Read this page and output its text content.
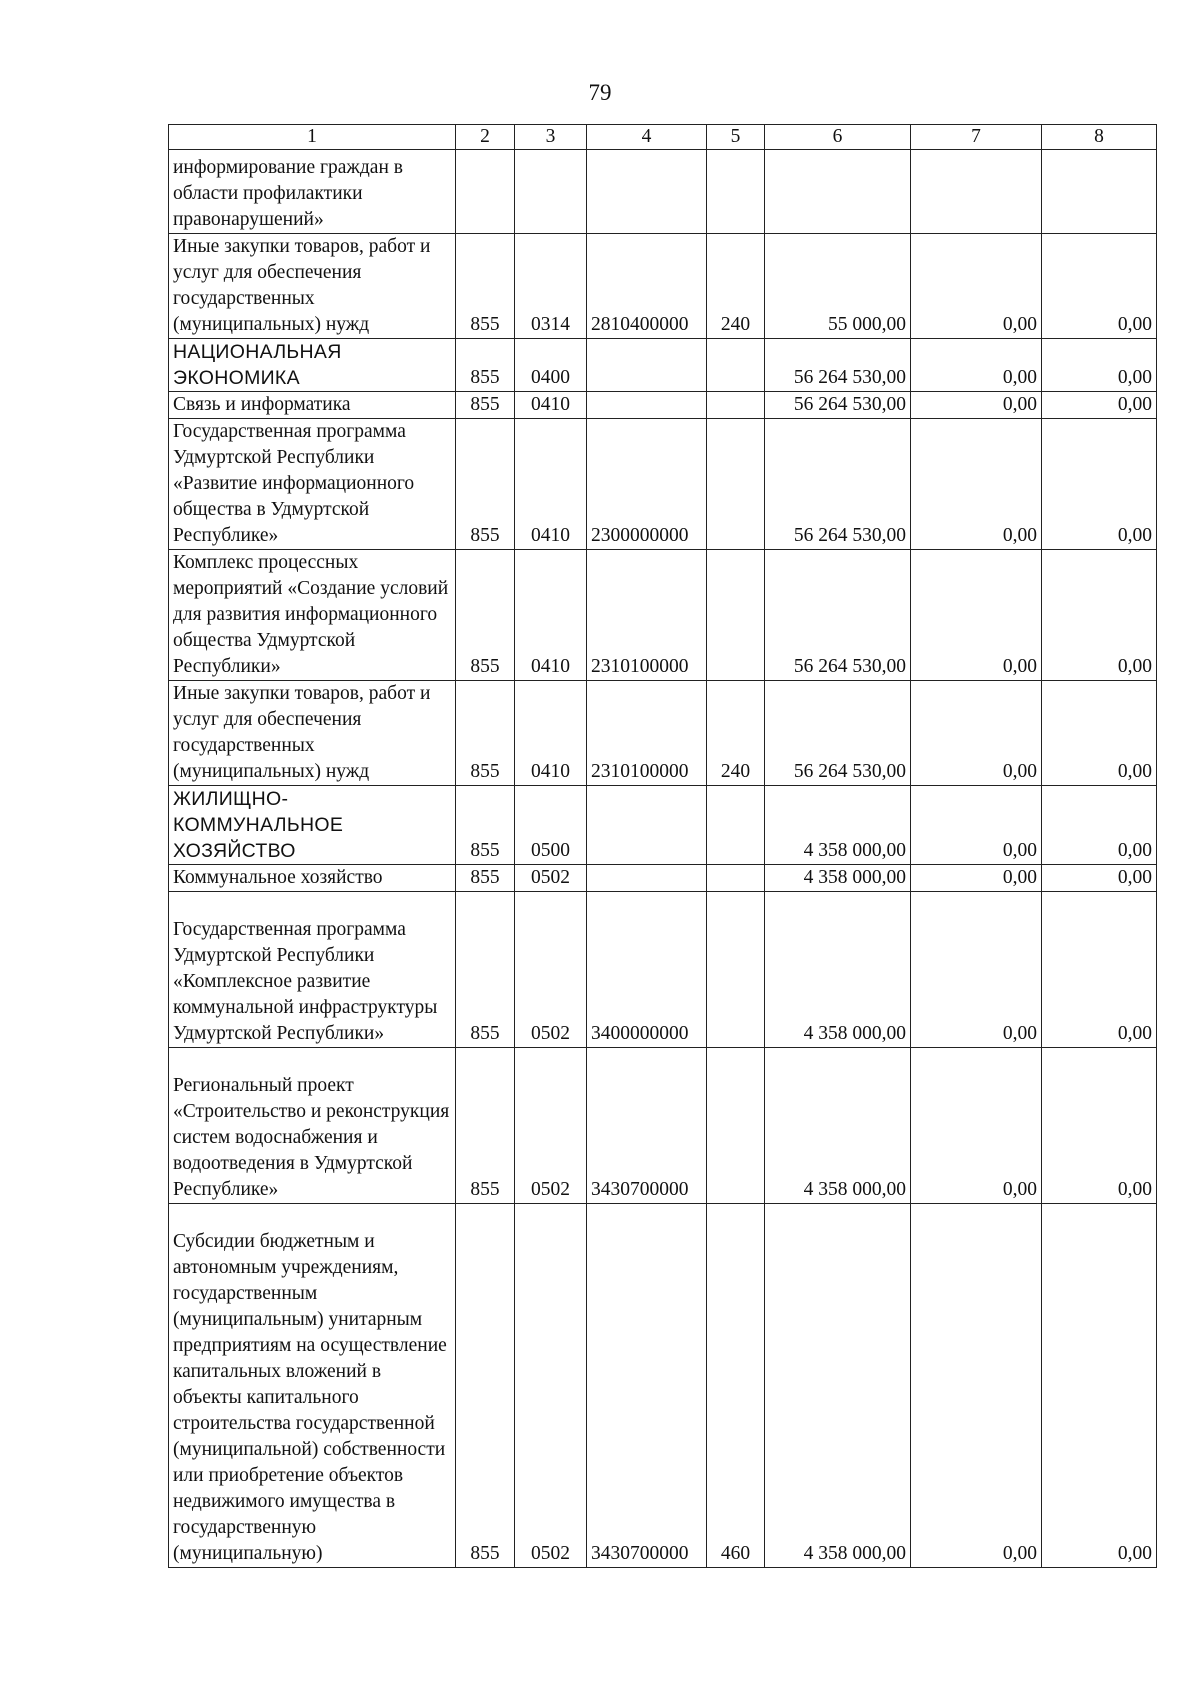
79
1	2	3	4	5	6	7	8
информирование граждан в области профилактики правонарушений»							
Иные закупки товаров, работ и услуг для обеспечения государственных (муниципальных) нужд	855	0314	2810400000	240	55 000,00	0,00	0,00
НАЦИОНАЛЬНАЯ ЭКОНОМИКА	855	0400			56 264 530,00	0,00	0,00
Связь и информатика	855	0410			56 264 530,00	0,00	0,00
Государственная программа Удмуртской Республики «Развитие информационного общества в Удмуртской Республике»	855	0410	2300000000		56 264 530,00	0,00	0,00
Комплекс процессных мероприятий «Создание условий для развития информационного общества Удмуртской Республики»	855	0410	2310100000		56 264 530,00	0,00	0,00
Иные закупки товаров, работ и услуг для обеспечения государственных (муниципальных) нужд	855	0410	2310100000	240	56 264 530,00	0,00	0,00
ЖИЛИЩНО-КОММУНАЛЬНОЕ ХОЗЯЙСТВО	855	0500			4 358 000,00	0,00	0,00
Коммунальное хозяйство	855	0502			4 358 000,00	0,00	0,00
Государственная программа Удмуртской Республики «Комплексное развитие коммунальной инфраструктуры Удмуртской Республики»	855	0502	3400000000		4 358 000,00	0,00	0,00
Региональный проект «Строительство и реконструкция систем водоснабжения и водоотведения в Удмуртской Республике»	855	0502	3430700000		4 358 000,00	0,00	0,00
Субсидии бюджетным и автономным учреждениям, государственным (муниципальным) унитарным предприятиям на осуществление капитальных вложений в объекты капитального строительства государственной (муниципальной) собственности или приобретение объектов недвижимого имущества в государственную (муниципальную)	855	0502	3430700000	460	4 358 000,00	0,00	0,00
